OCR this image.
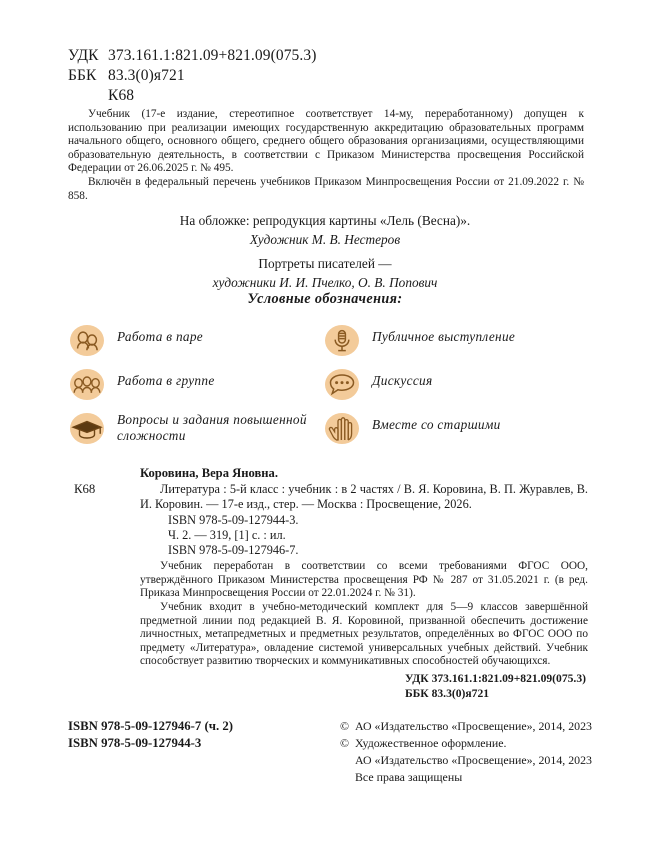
УДК 373.161.1:821.09+821.09(075.3)
ББК 83.3(0)я721
К68

Учебник (17-е издание, стереотипное соответствует 14-му, переработанному) допущен к использованию при реализации имеющих государственную аккредитацию образовательных программ начального общего, основного общего, среднего общего образования организациями, осуществляющими образовательную деятельность, в соответствии с Приказом Министерства просвещения Российской Федерации от 26.06.2025 г. № 495.

Включён в федеральный перечень учебников Приказом Минпросвещения России от 21.09.2022 г. № 858.

На обложке: репродукция картины «Лель (Весна)».
Художник М. В. Нестеров
Портреты писателей —
художники И. И. Пчелко, О. В. Попович
Условные обозначения:
Работа в паре
Работа в группе
Вопросы и задания повышенной сложности
Публичное выступление
Дискуссия
Вместе со старшими
Коровина, Вера Яновна.
К68	Литература : 5-й класс : учебник : в 2 частях / В. Я. Коровина, В. П. Журавлев, В. И. Коровин. — 17-е изд., стер. — Москва : Просвещение, 2026.
ISBN 978-5-09-127944-3.
Ч. 2. — 319, [1] с. : ил.
ISBN 978-5-09-127946-7.

Учебник переработан в соответствии со всеми требованиями ФГОС ООО, утверждённого Приказом Министерства просвещения РФ № 287 от 31.05.2021 г. (в ред. Приказа Минпросвещения России от 22.01.2024 г. № 31).

Учебник входит в учебно-методический комплект для 5—9 классов завершённой предметной линии под редакцией В. Я. Коровиной, призванной обеспечить достижение личностных, метапредметных и предметных результатов, определённых во ФГОС ООО по предмету «Литература», овладение системой универсальных учебных действий. Учебник способствует развитию творческих и коммуникативных способностей обучающихся.

УДК 373.161.1:821.09+821.09(075.3)
ББК 83.3(0)я721
ISBN 978-5-09-127946-7 (ч. 2)
ISBN 978-5-09-127944-3
© АО «Издательство «Просвещение», 2014, 2023
© Художественное оформление.
АО «Издательство «Просвещение», 2014, 2023
Все права защищены
